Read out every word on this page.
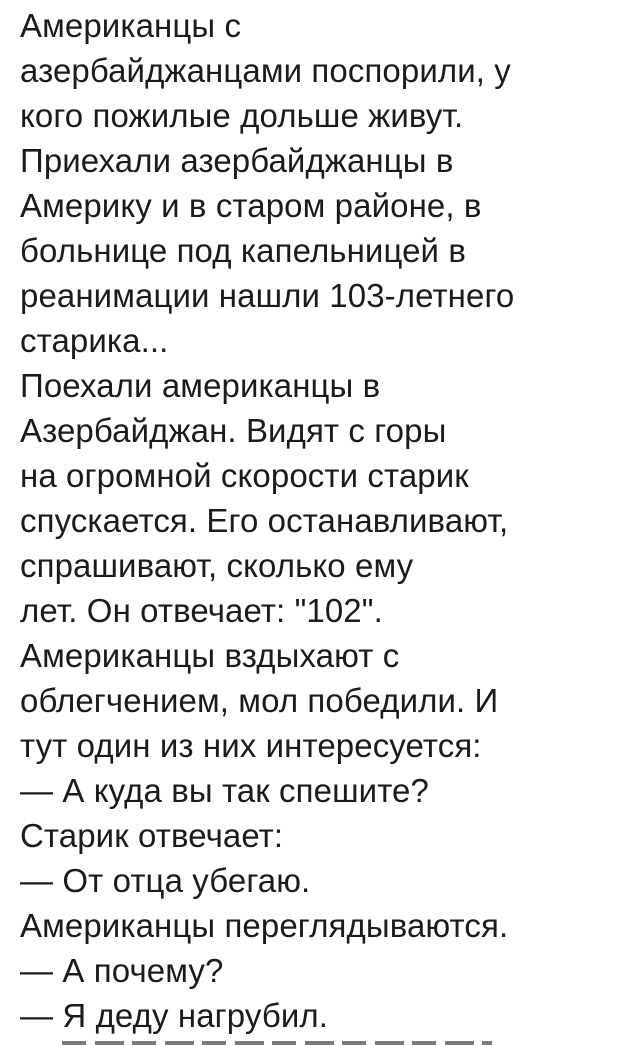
Американцы с
азербайджанцами поспорили, у
кого пожилые дольше живут.
Приехали азербайджанцы в
Америку и в старом районе, в
больнице под капельницей в
реанимации нашли 103-летнего
старика...
Поехали американцы в
Азербайджан. Видят с горы
на огромной скорости старик
спускается. Его останавливают,
спрашивают, сколько ему
лет. Он отвечает: "102".
Американцы вздыхают с
облегчением, мол победили. И
тут один из них интересуется:
— А куда вы так спешите?
Старик отвечает:
— От отца убегаю.
Американцы переглядываются.
— А почему?
— Я деду нагрубил.
